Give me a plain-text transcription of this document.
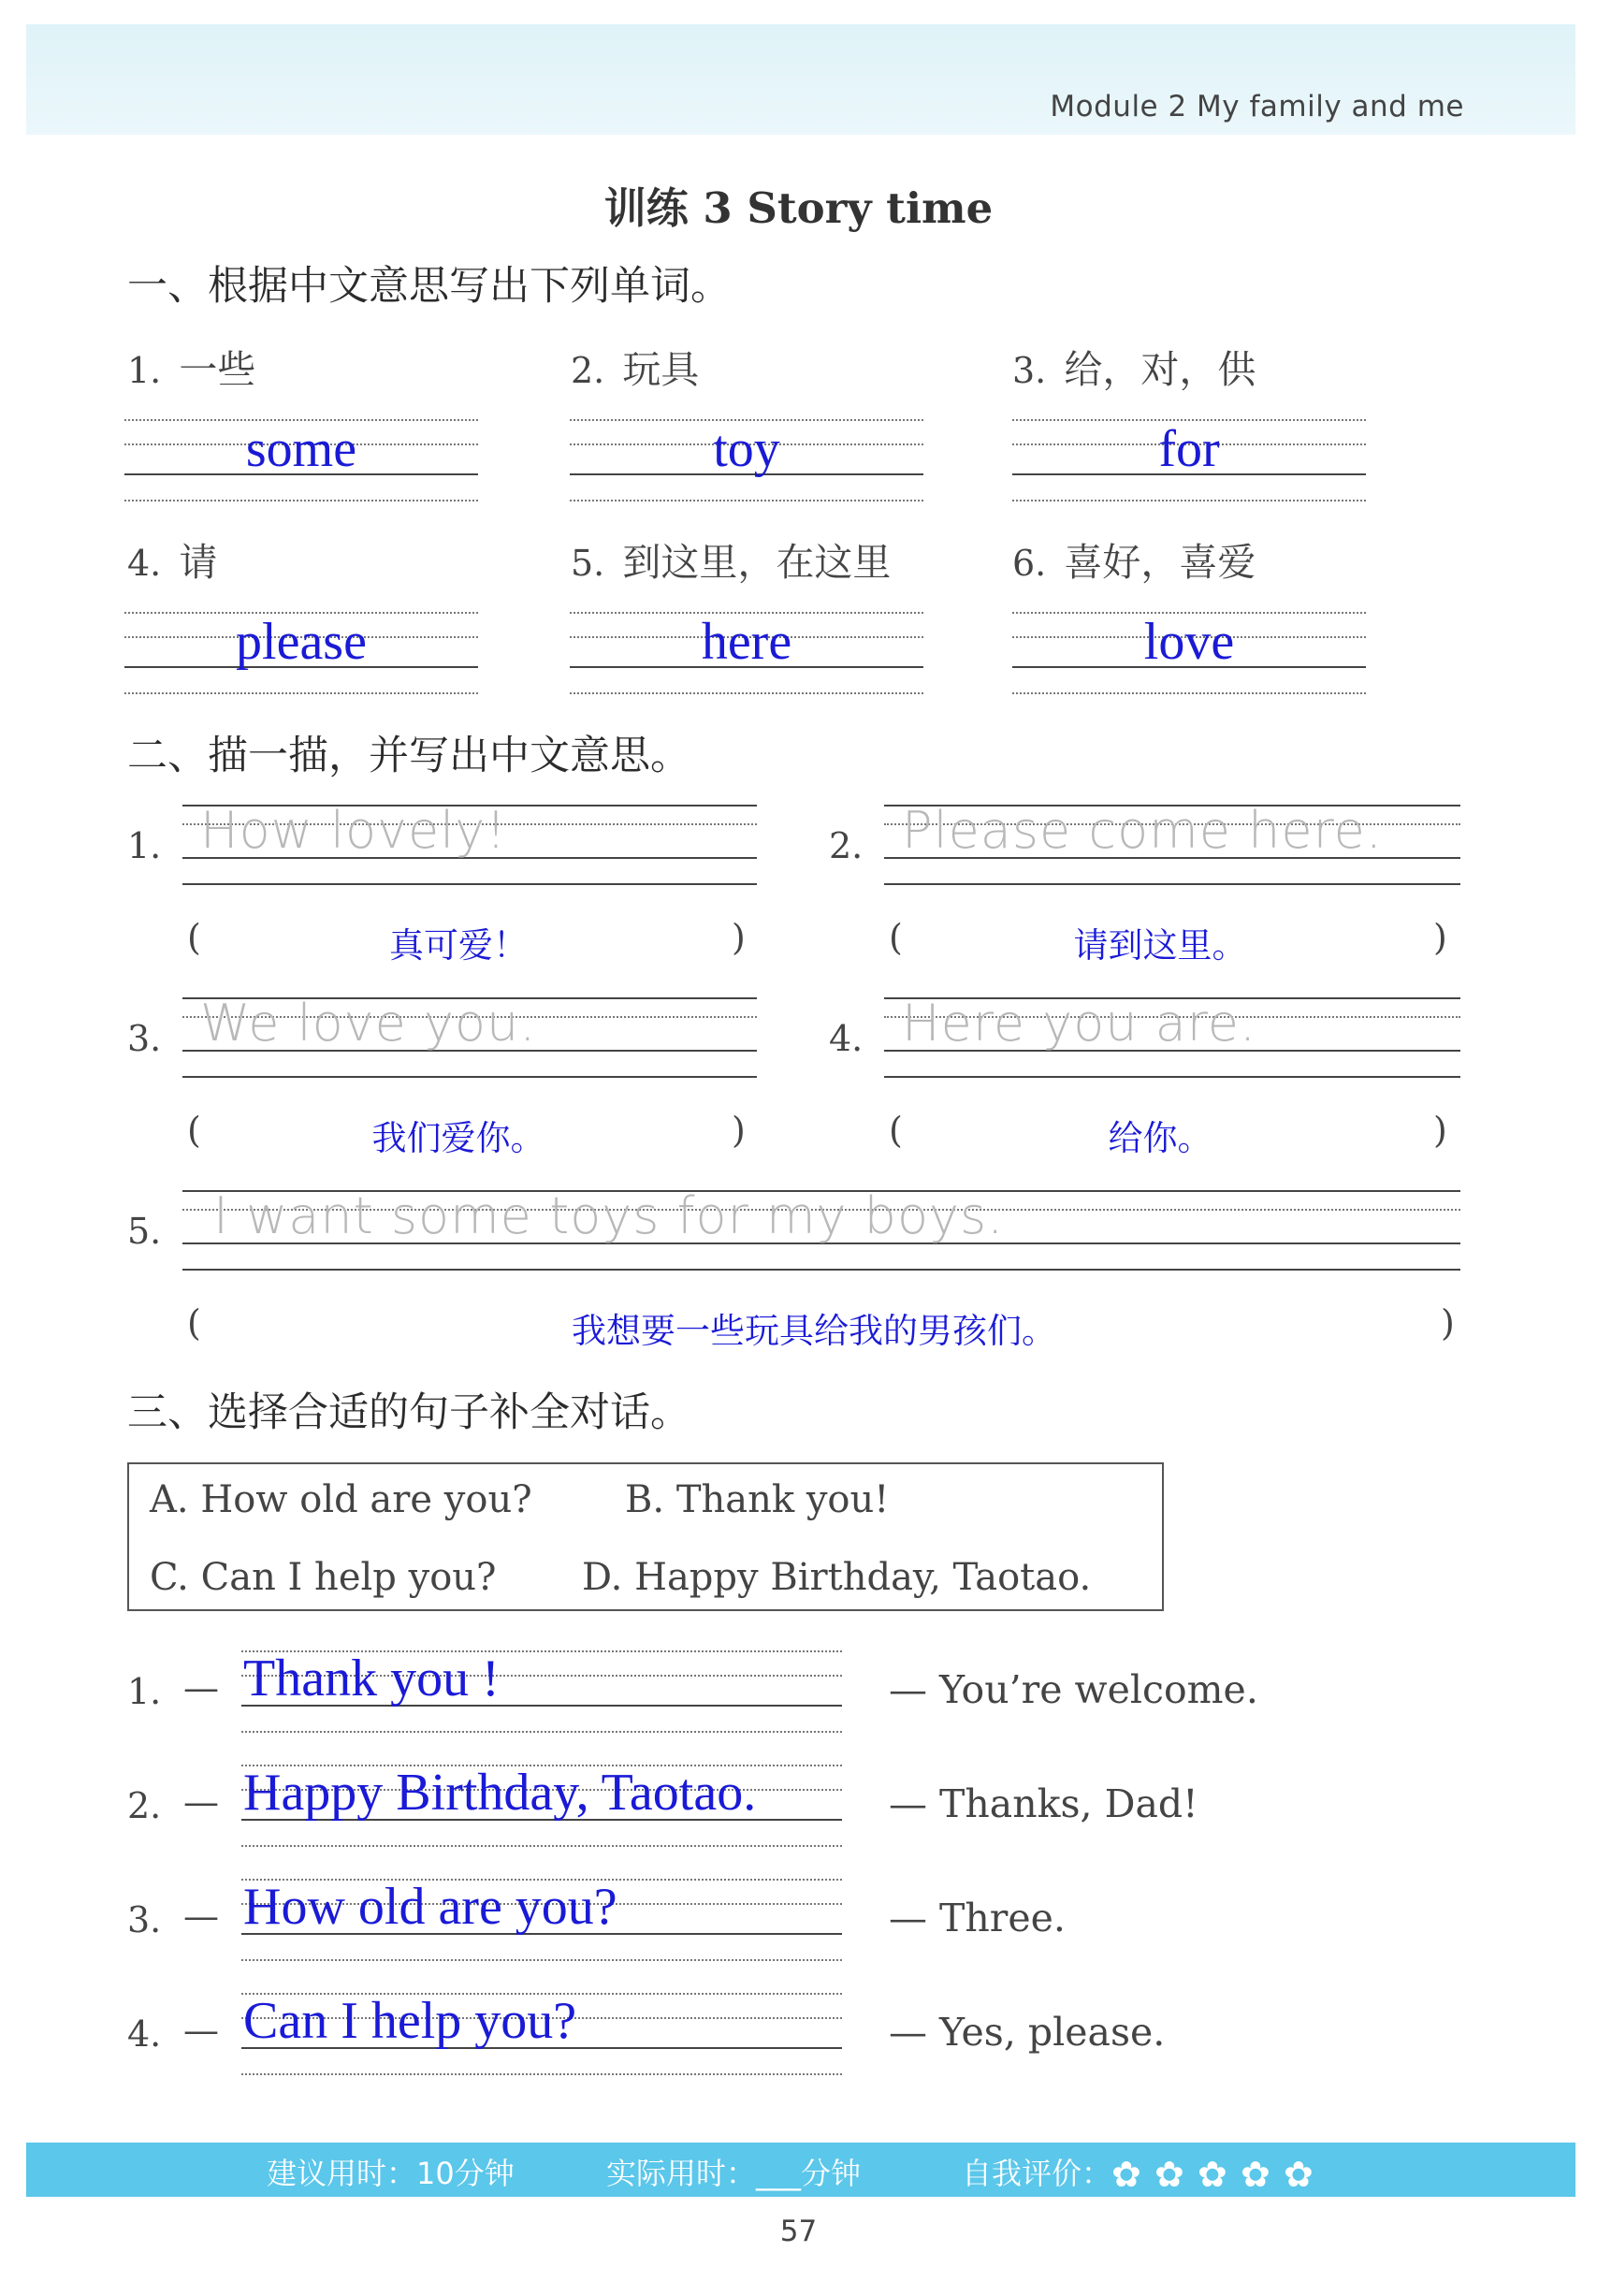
Module 2 My family and me
训练 3 Story time
一、根据中文意思写出下列单词。
1. 一些	2. 玩具	3. 给，对，供
some	toy	for
4. 请	5. 到这里，在这里	6. 喜好，喜爱
please	here	love
二、描一描，并写出中文意思。
1. How lovely!
(	真可爱！	)
2. Please come here.
(	请到这里。	)
3. We love you.
(	我们爱你。	)
4. Here you are.
(	给你。	)
5. I want some toys for my boys.
(	我想要一些玩具给我的男孩们。	)
三、选择合适的句子补全对话。
A. How old are you? B. Thank you!
C. Can I help you? D. Happy Birthday, Taotao.
1. — Thank you !	— You’re welcome.
2. — Happy Birthday, Taotao.	— Thanks, Dad!
3. — How old are you?	— Three.
4. — Can I help you?	— Yes, please.
建议用时：10分钟	实际用时：___分钟	自我评价：✿✿✿✿✿
57
